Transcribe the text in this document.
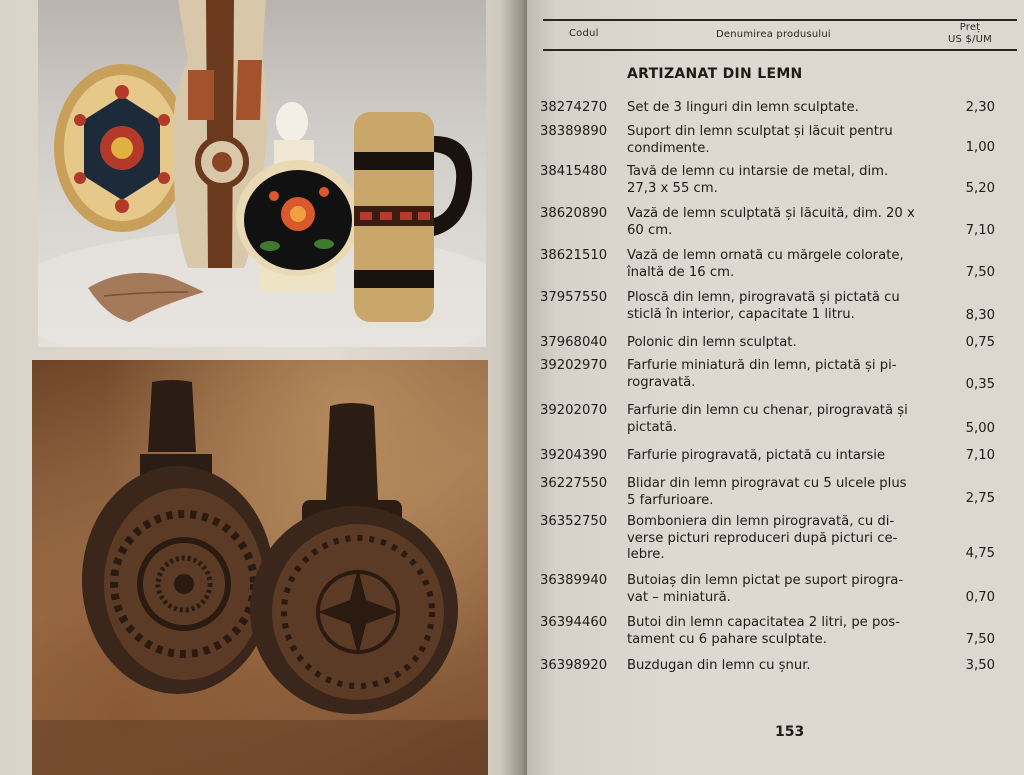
Codul	Denumirea produsului
Preț
US $/UM
ARTIZANAT DIN LEMN
38274270 Set de 3 linguri din lemn sculptate.	2,30
38389890 Suport din lemn sculptat și lăcuit pentru condimente.	1,00
38415480 Tavă de lemn cu intarsie de metal, dim. 27,3 x 55 cm.	5,20
38620890 Vază de lemn sculptată și lăcuită, dim. 20 x 60 cm.	7,10
38621510 Vază de lemn ornată cu mărgele colorate, înaltă de 16 cm.	7,50
37957550 Ploscă din lemn, pirogravată și pictată cu sticlă în interior, capacitate 1 litru.	8,30
37968040 Polonic din lemn sculptat.	0,75
39202970 Farfurie miniatură din lemn, pictată și pi-rogravată.	0,35
39202070 Farfurie din lemn cu chenar, pirogravată și pictată.	5,00
39204390 Farfurie pirogravată, pictată cu intarsie	7,10
36227550 Blidar din lemn pirogravat cu 5 ulcele plus 5 farfurioare.	2,75
36352750 Bomboniera din lemn pirogravată, cu di-verse picturi reproduceri după picturi ce-lebre.	4,75
36389940 Butoiaș din lemn pictat pe suport pirogra-vat – miniatură.	0,70
36394460 Butoi din lemn capacitatea 2 litri, pe pos-tament cu 6 pahare sculptate.	7,50
36398920 Buzdugan din lemn cu șnur.	3,50
153
